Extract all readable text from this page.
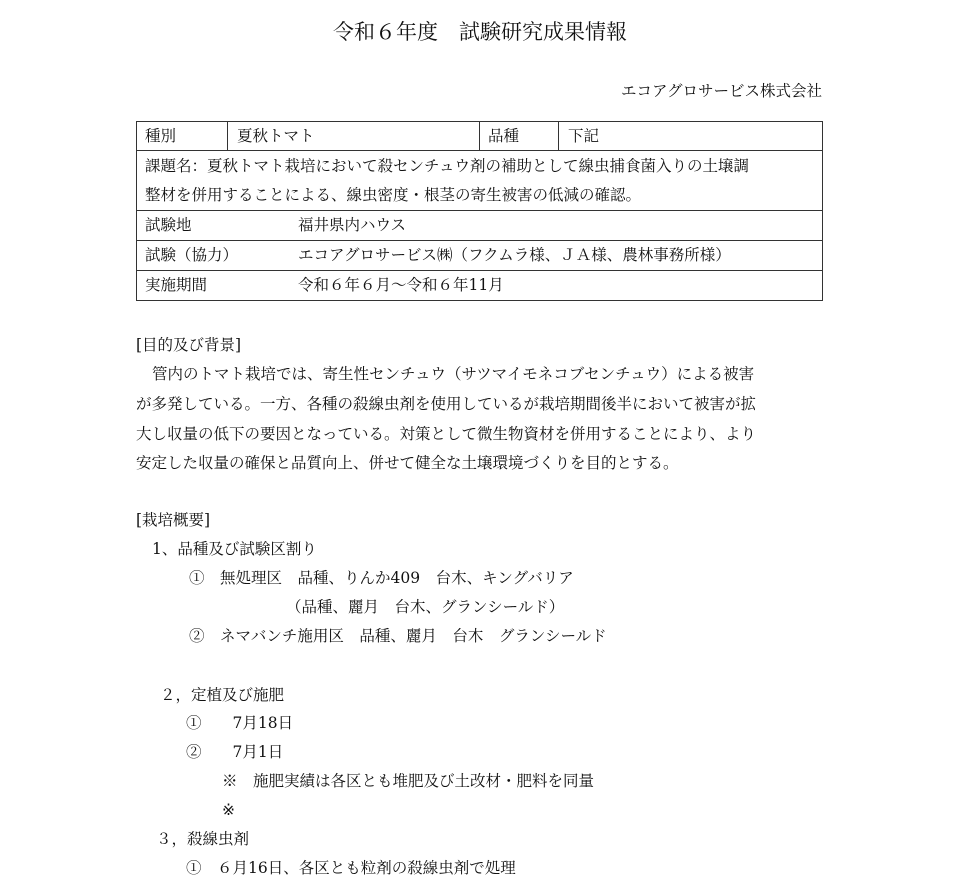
令和６年度　試験研究成果情報
エコアグロサービス株式会社
種別	夏秋トマト	品種	下記
課題名：夏秋トマト栽培において殺センチュウ剤の補助として線虫捕食菌入りの土壌調
整材を併用することによる、線虫密度・根茎の寄生被害の低減の確認。
試験地	福井県内ハウス
試験（協力）	エコアグロサービス㈱（フクムラ様、ＪＡ様、農林事務所様）
実施期間	令和６年６月～令和６年11月
[目的及び背景]
管内のトマト栽培では、寄生性センチュウ（サツマイモネコブセンチュウ）による被害
が多発している。一方、各種の殺線虫剤を使用しているが栽培期間後半において被害が拡
大し収量の低下の要因となっている。対策として微生物資材を併用することにより、より
安定した収量の確保と品質向上、併せて健全な土壌環境づくりを目的とする。
[栽培概要]
1、品種及び試験区割り
①　無処理区　品種、りんか409　台木、キングバリア
（品種、麗月　台木、グランシールド）
②　ネマバンチ施用区　品種、麗月　台木　グランシールド
２，定植及び施肥
①　　7月18日
②　　7月1日
※　施肥実績は各区とも堆肥及び土改材・肥料を同量
※
３，殺線虫剤
①　６月16日、各区とも粒剤の殺線虫剤で処理
